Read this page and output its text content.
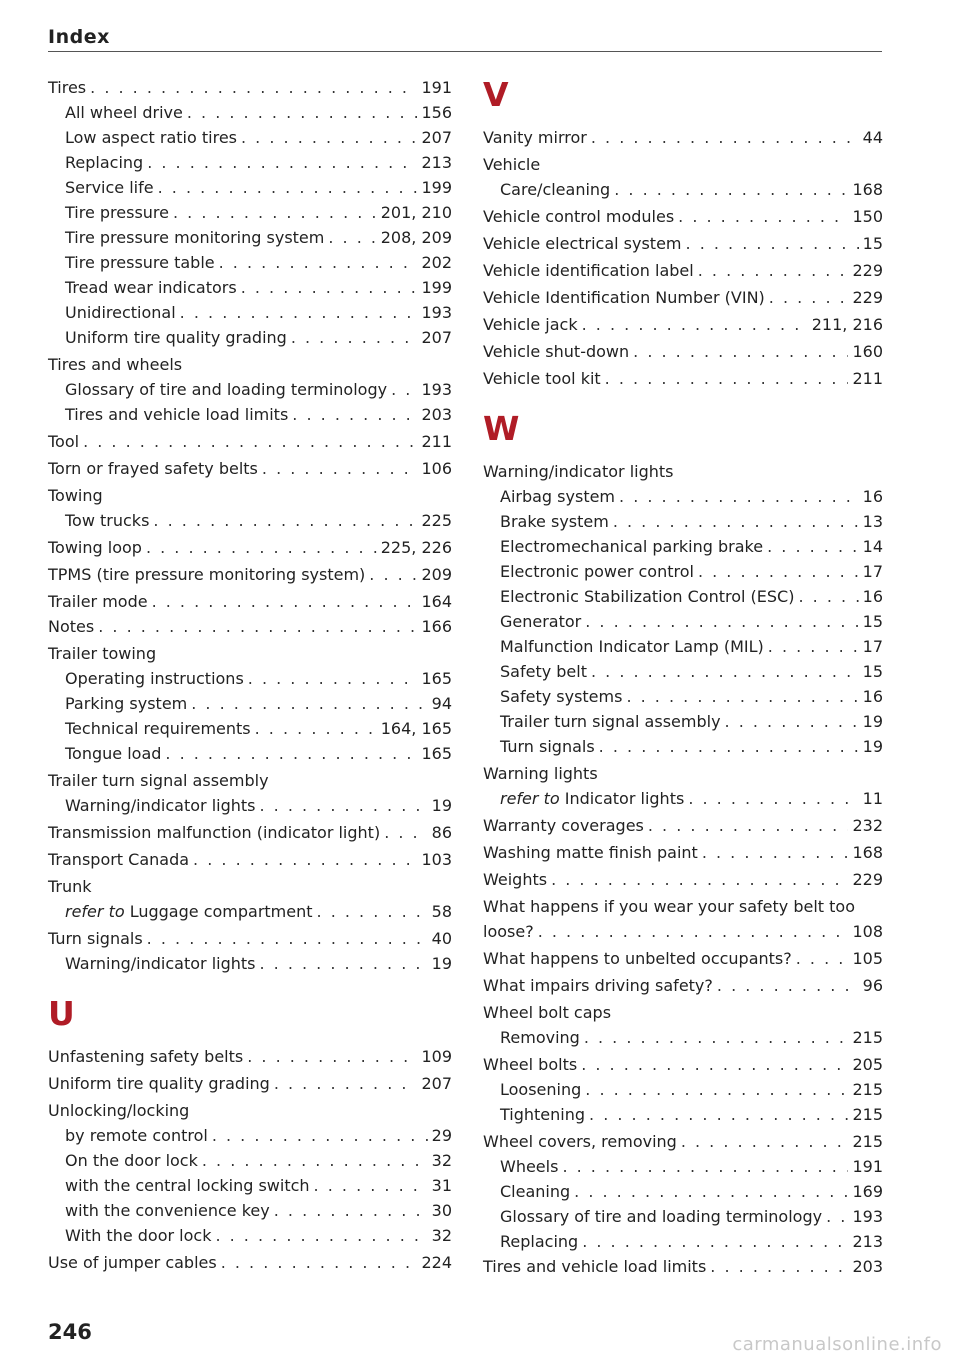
Index
Tires . . .	191
All wheel drive . . .	156
Low aspect ratio tires . . .	207
Replacing . . .	213
Service life . . .	199
Tire pressure . . .	201, 210
Tire pressure monitoring system . . .	208, 209
Tire pressure table . . .	202
Tread wear indicators . . .	199
Unidirectional . . .	193
Uniform tire quality grading . . .	207
Tires and wheels
Glossary of tire and loading terminology . . . 193
Tires and vehicle load limits . . .	203
Tool . . .	211
Torn or frayed safety belts . . .	106
Towing
Tow trucks . . .	225
Towing loop . . .	225, 226
TPMS (tire pressure monitoring system) . . .	209
Trailer mode . . .	164
Notes . . .	166
Trailer towing
Operating instructions . . .	165
Parking system . . .	94
Technical requirements . . .	164, 165
Tongue load . . .	165
Trailer turn signal assembly
Warning/indicator lights . . .	19
Transmission malfunction (indicator light) . . .	86
Transport Canada . . .	103
Trunk
refer to Luggage compartment . . .	58
Turn signals . . .	40
Warning/indicator lights . . .	19
U
Unfastening safety belts . . .	109
Uniform tire quality grading . . .	207
Unlocking/locking
by remote control . . .	29
On the door lock . . .	32
with the central locking switch . . .	31
with the convenience key . . .	30
With the door lock . . .	32
Use of jumper cables . . .	224
V
Vanity mirror . . .	44
Vehicle
Care/cleaning . . .	168
Vehicle control modules . . .	150
Vehicle electrical system . . .	15
Vehicle identification label . . .	229
Vehicle Identification Number (VIN) . . .	229
Vehicle jack . . .	211, 216
Vehicle shut-down . . .	160
Vehicle tool kit . . .	211
W
Warning/indicator lights
Airbag system . . .	16
Brake system . . .	13
Electromechanical parking brake . . .	14
Electronic power control . . .	17
Electronic Stabilization Control (ESC) . . .	16
Generator . . .	15
Malfunction Indicator Lamp (MIL) . . .	17
Safety belt . . .	15
Safety systems . . .	16
Trailer turn signal assembly . . .	19
Turn signals . . .	19
Warning lights
refer to Indicator lights . . .	11
Warranty coverages . . .	232
Washing matte finish paint . . .	168
Weights . . .	229
What happens if you wear your safety belt too
loose? . . .	108
What happens to unbelted occupants? . . .	105
What impairs driving safety? . . .	96
Wheel bolt caps
Removing . . .	215
Wheel bolts . . .	205
Loosening . . .	215
Tightening . . .	215
Wheel covers, removing . . .	215
Wheels . . .	191
Cleaning . . .	169
Glossary of tire and loading terminology . . . 193
Replacing . . .	213
Tires and vehicle load limits . . .	203
246
carmanualsonline.info
